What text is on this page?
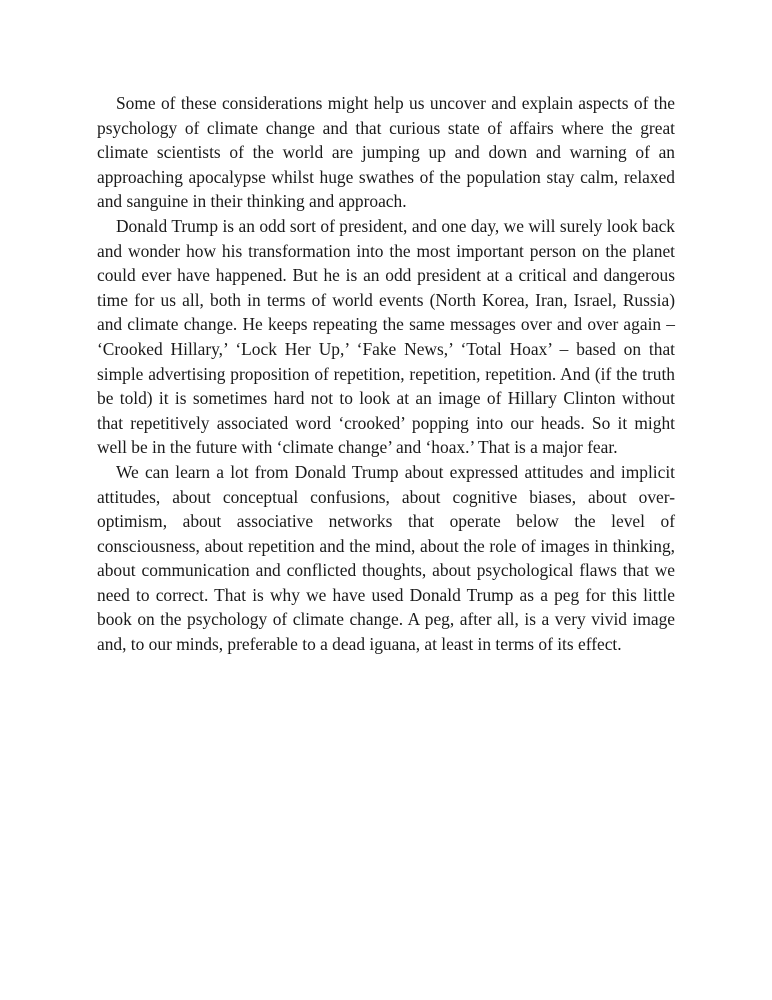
Some of these considerations might help us uncover and explain aspects of the psychology of climate change and that curious state of affairs where the great climate scientists of the world are jumping up and down and warning of an approaching apocalypse whilst huge swathes of the population stay calm, relaxed and sanguine in their thinking and approach.

Donald Trump is an odd sort of president, and one day, we will surely look back and wonder how his transformation into the most important person on the planet could ever have happened. But he is an odd president at a critical and dangerous time for us all, both in terms of world events (North Korea, Iran, Israel, Russia) and climate change. He keeps repeating the same messages over and over again – ‘Crooked Hillary,’ ‘Lock Her Up,’ ‘Fake News,’ ‘Total Hoax’ – based on that simple advertising proposition of repetition, repetition, repetition. And (if the truth be told) it is sometimes hard not to look at an image of Hillary Clinton without that repetitively associated word ‘crooked’ popping into our heads. So it might well be in the future with ‘climate change’ and ‘hoax.’ That is a major fear.

We can learn a lot from Donald Trump about expressed attitudes and implicit attitudes, about conceptual confusions, about cognitive biases, about over-optimism, about associative networks that operate below the level of consciousness, about repetition and the mind, about the role of images in thinking, about communication and conflicted thoughts, about psychological flaws that we need to correct. That is why we have used Donald Trump as a peg for this little book on the psychology of climate change. A peg, after all, is a very vivid image and, to our minds, preferable to a dead iguana, at least in terms of its effect.
